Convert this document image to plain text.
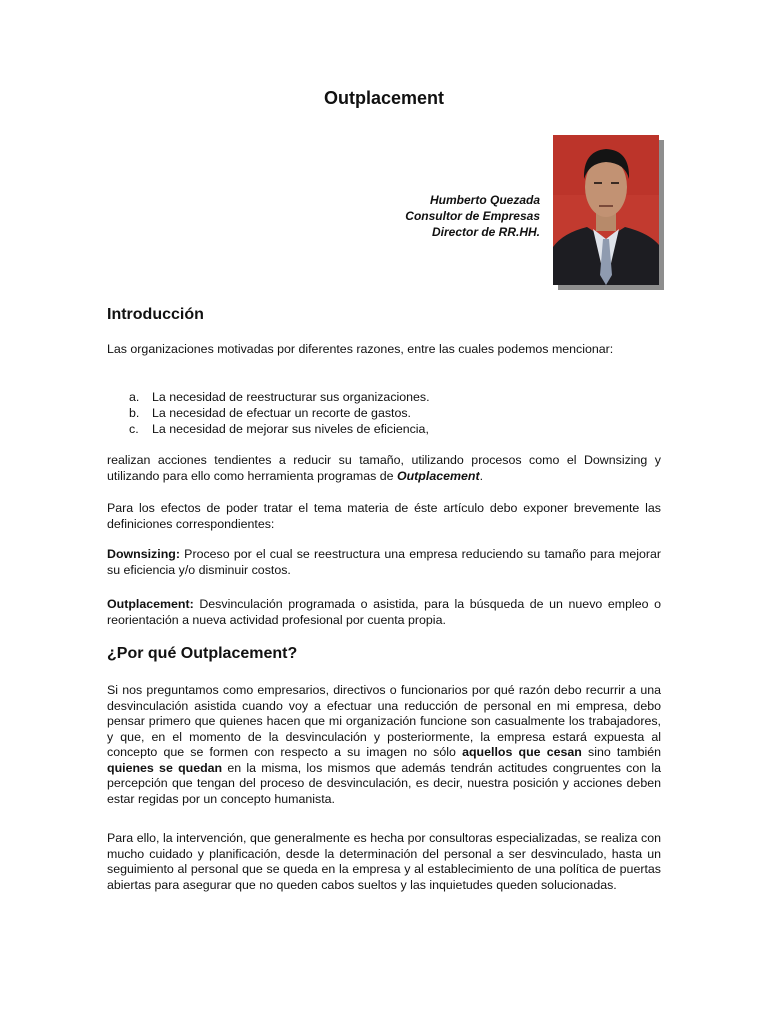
Outplacement
Humberto Quezada
Consultor de Empresas
Director de RR.HH.
Introducción

Las organizaciones motivadas por diferentes razones, entre las cuales podemos mencionar:

a. La necesidad de reestructurar sus organizaciones.
b. La necesidad de efectuar un recorte de gastos.
c. La necesidad de mejorar sus niveles de eficiencia,

realizan acciones tendientes a reducir su tamaño, utilizando procesos como el Downsizing y utilizando para ello como herramienta programas de Outplacement.

Para los efectos de poder tratar el tema materia de éste artículo debo exponer brevemente las definiciones correspondientes:

Downsizing: Proceso por el cual se reestructura una empresa reduciendo su tamaño para mejorar su eficiencia y/o disminuir costos.

Outplacement: Desvinculación programada o asistida, para la búsqueda de un nuevo empleo o reorientación a nueva actividad profesional por cuenta propia.

¿Por qué Outplacement?

Si nos preguntamos como empresarios, directivos o funcionarios por qué razón debo recurrir a una desvinculación asistida cuando voy a efectuar una reducción de personal en mi empresa, debo pensar primero que quienes hacen que mi organización funcione son casualmente los trabajadores, y que, en el momento de la desvinculación y posteriormente, la empresa estará expuesta al concepto que se formen con respecto a su imagen no sólo aquellos que cesan sino también quienes se quedan en la misma, los mismos que además tendrán actitudes congruentes con la percepción que tengan del proceso de desvinculación, es decir, nuestra posición y acciones deben estar regidas por un concepto humanista.

Para ello, la intervención, que generalmente es hecha por consultoras especializadas, se realiza con mucho cuidado y planificación, desde la determinación del personal a ser desvinculado, hasta un seguimiento al personal que se queda en la empresa y al establecimiento de una política de puertas abiertas para asegurar que no queden cabos sueltos y las inquietudes queden solucionadas.
